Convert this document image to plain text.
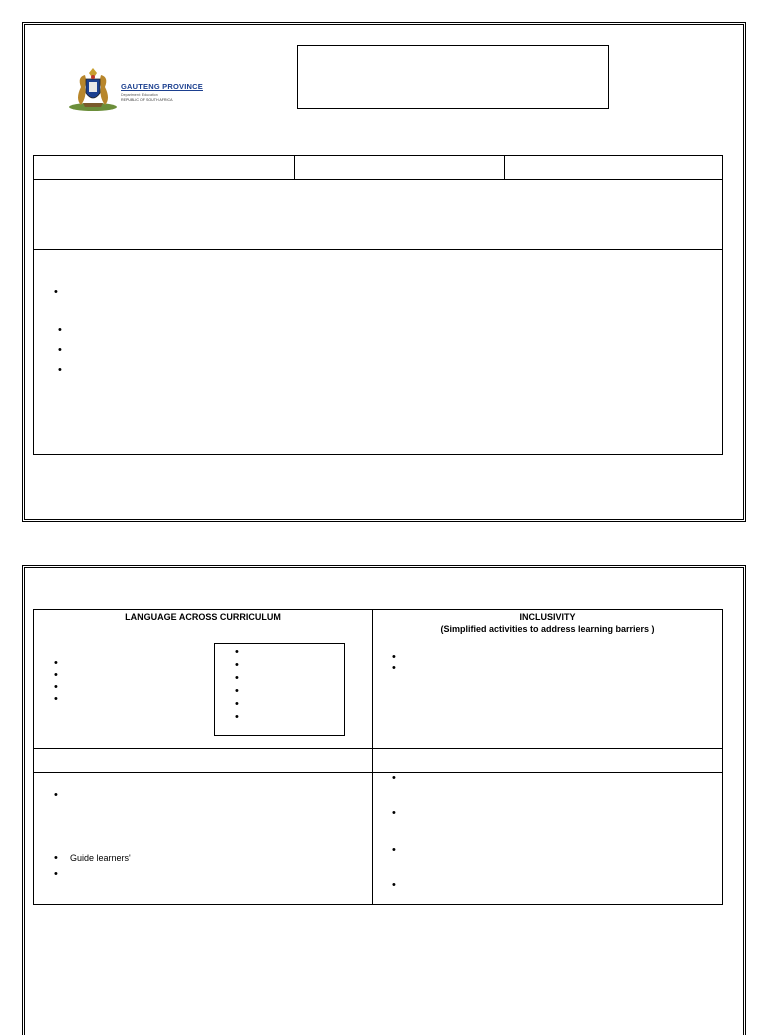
GAUTENG PROVINCE
Department: Education
REPUBLIC OF SOUTH AFRICA
•
•
•
•
LANGUAGE ACROSS CURRICULUM	INCLUSIVITY
(Simplified activities to address learning barriers )
•
•
•
•
•
•
•
•
•
•
•
•
•
• Guide learners'
•
•
•
•
•
